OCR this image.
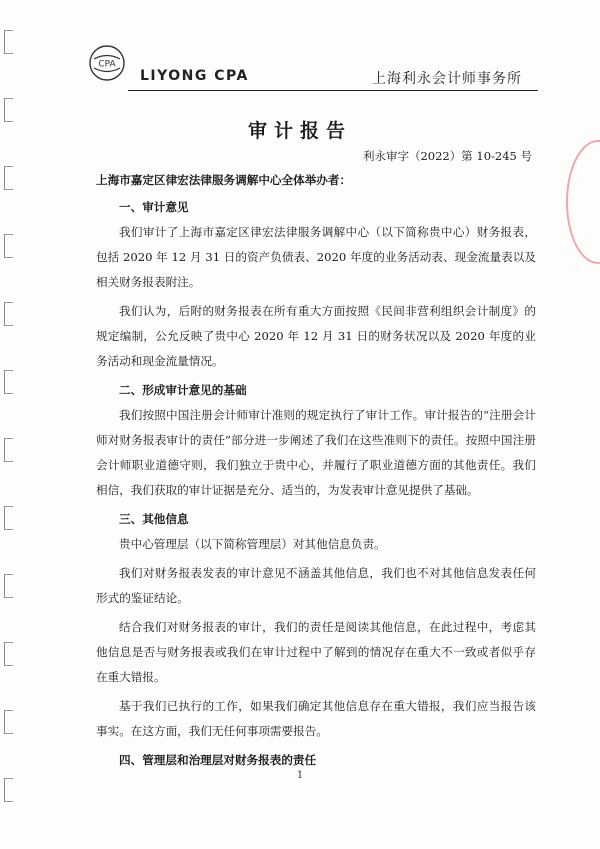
CPA
LIYONG CPA	上海利永会计师事务所
审计报告
利永审字（2022）第 10-245 号

上海市嘉定区律宏法律服务调解中心全体举办者：

一、审计意见

我们审计了上海市嘉定区律宏法律服务调解中心（以下简称贵中心）财务报表，包括 2020 年 12 月 31 日的资产负债表、2020 年度的业务活动表、现金流量表以及相关财务报表附注。

我们认为，后附的财务报表在所有重大方面按照《民间非营利组织会计制度》的规定编制，公允反映了贵中心 2020 年 12 月 31 日的财务状况以及 2020 年度的业务活动和现金流量情况。

二、形成审计意见的基础

我们按照中国注册会计师审计准则的规定执行了审计工作。审计报告的“注册会计师对财务报表审计的责任”部分进一步阐述了我们在这些准则下的责任。按照中国注册会计师职业道德守则，我们独立于贵中心，并履行了职业道德方面的其他责任。我们相信，我们获取的审计证据是充分、适当的，为发表审计意见提供了基础。

三、其他信息

贵中心管理层（以下简称管理层）对其他信息负责。

我们对财务报表发表的审计意见不涵盖其他信息，我们也不对其他信息发表任何形式的鉴证结论。

结合我们对财务报表的审计，我们的责任是阅读其他信息，在此过程中，考虑其他信息是否与财务报表或我们在审计过程中了解到的情况存在重大不一致或者似乎存在重大错报。

基于我们已执行的工作，如果我们确定其他信息存在重大错报，我们应当报告该事实。在这方面，我们无任何事项需要报告。

四、管理层和治理层对财务报表的责任

1
